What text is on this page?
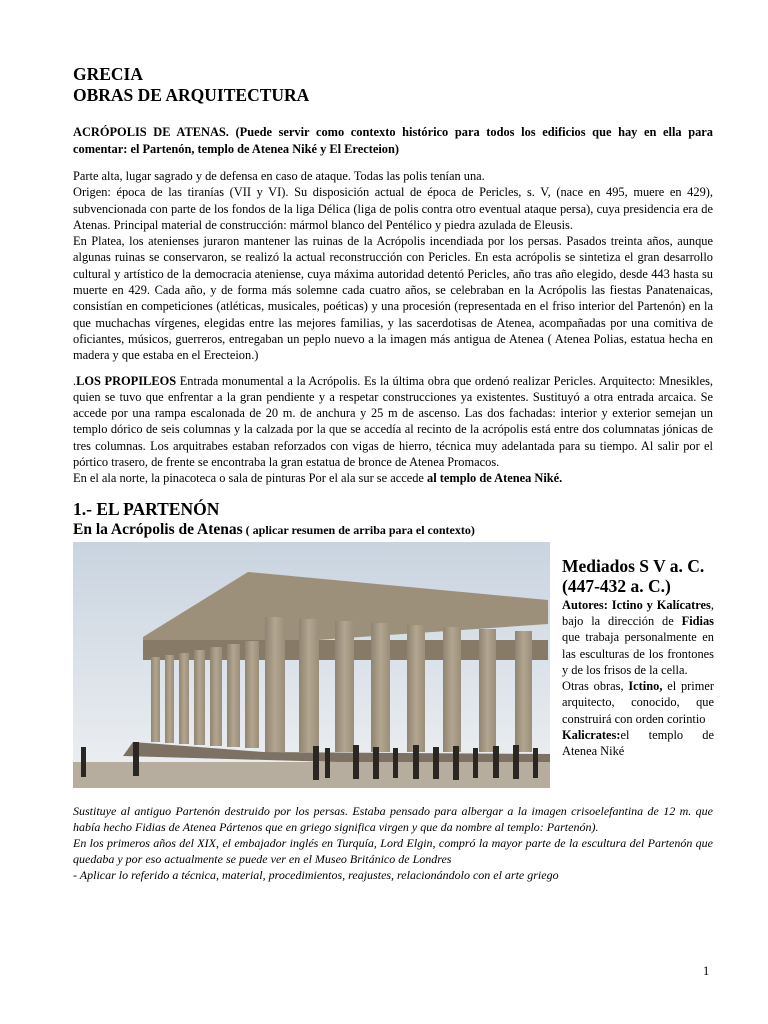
GRECIA
OBRAS DE ARQUITECTURA

ACRÓPOLIS DE ATENAS. (Puede servir como contexto histórico para todos los edificios que hay en ella para comentar: el Partenón, templo de Atenea Niké y El Erecteion)

Parte alta, lugar sagrado y de defensa en caso de ataque. Todas las polis tenían una.

Origen: época de las tiranías (VII y VI). Su disposición actual de época de Pericles, s. V, (nace en 495, muere en 429), subvencionada con parte de los fondos de la liga Délica (liga de polis contra otro eventual ataque persa), cuya presidencia era de Atenas. Principal material de construcción: mármol blanco del Pentélico y piedra azulada de Eleusis.

En Platea, los atenienses juraron mantener las ruinas de la Acrópolis incendiada por los persas. Pasados treinta años, aunque algunas ruinas se conservaron, se realizó la actual reconstrucción con Pericles. En esta acrópolis se sintetiza el gran desarrollo cultural y artístico de la democracia ateniense, cuya máxima autoridad detentó Pericles, año tras año elegido, desde 443 hasta su muerte en 429. Cada año, y de forma más solemne cada cuatro años, se celebraban en la Acrópolis las fiestas Panatenaicas, consistían en competiciones (atléticas, musicales, poéticas) y una procesión (representada en el friso interior del Partenón) en la que muchachas vírgenes, elegidas entre las mejores familias, y las sacerdotisas de Atenea, acompañadas por una comitiva de oficiantes, músicos, guerreros, entregaban un peplo nuevo a la imagen más antigua de Atenea ( Atenea Polias, estatua hecha en madera y que estaba en el Erecteion.)

.LOS PROPILEOS Entrada monumental a la Acrópolis. Es la última obra que ordenó realizar Pericles. Arquitecto: Mnesikles, quien se tuvo que enfrentar a la gran pendiente y a respetar construcciones ya existentes. Sustituyó a otra entrada arcaica. Se accede por una rampa escalonada de 20 m. de anchura y 25 m de ascenso. Las dos fachadas: interior y exterior semejan un templo dórico de seis columnas y la calzada por la que se accedía al recinto de la acrópolis está entre dos columnatas jónicas de tres columnas. Los arquitrabes estaban reforzados con vigas de hierro, técnica muy adelantada para su tiempo. Al salir por el pórtico trasero, de frente se encontraba la gran estatua de bronce de Atenea Promacos.

En el ala norte, la pinacoteca o sala de pinturas Por el ala sur se accede al templo de Atenea Niké.

1.- EL PARTENÓN

En la Acrópolis de Atenas ( aplicar resumen de arriba para el contexto)

Mediados S V a. C.

(447-432 a. C.)

Autores: Ictino y Kalícatres, bajo la dirección de Fidias que trabaja personalmente en las esculturas de los frontones y de los frisos de la cella.

Otras obras, Ictino, el primer arquitecto, conocido, que construirá con orden corintio

Kalicrates:el templo de Atenea Niké

Sustituye al antiguo Partenón destruido por los persas. Estaba pensado para albergar a la imagen crisoelefantina de 12 m. que había hecho Fidias de Atenea Pártenos que en griego significa virgen y que da nombre al templo: Partenón).
En los primeros años del XIX, el embajador inglés en Turquía, Lord Elgin, compró la mayor parte de la escultura del Partenón que quedaba y por eso actualmente se puede ver en el Museo Británico de Londres
- Aplicar lo referido a técnica, material, procedimientos, reajustes, relacionándolo con el arte griego
1
